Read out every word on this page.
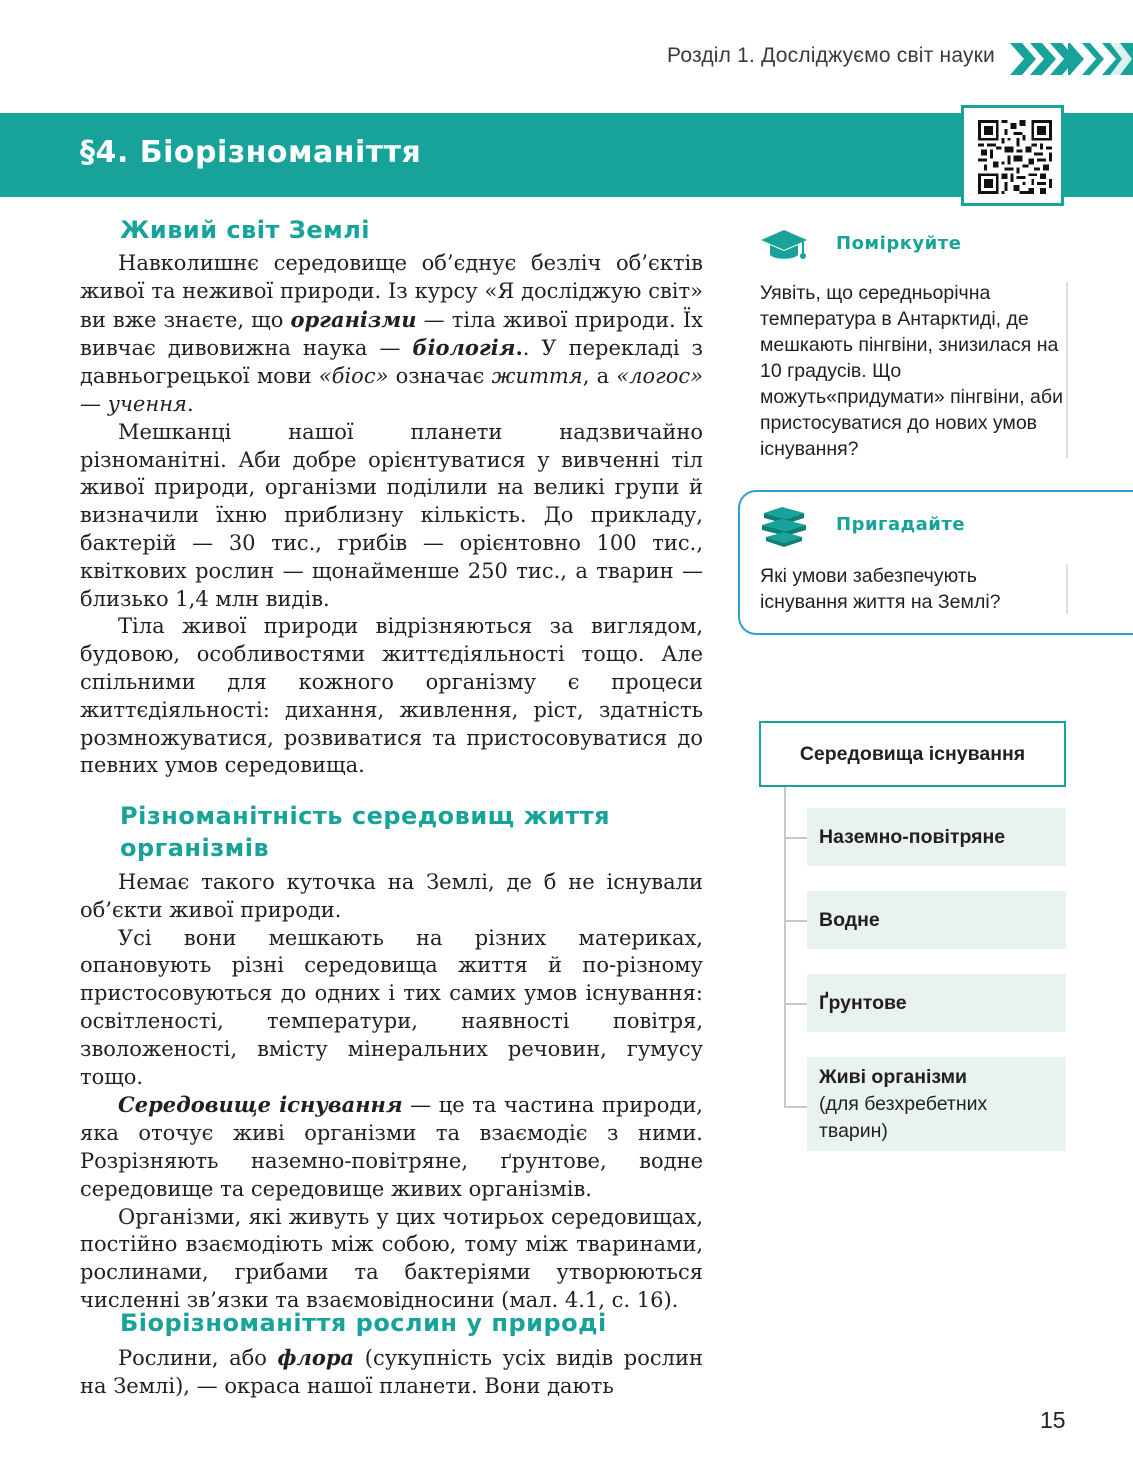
Розділ 1. Досліджуємо світ науки
§4. Біорізноманіття
Живий світ Землі

Навколишнє середовище об’єднує безліч об’єктів живої та неживої природи. Із курсу «Я досліджую світ» ви вже знаєте, що організми — тіла живої природи. Їх вивчає дивовижна наука — біологія.. У перекладі з давньогрецької мови «біос» означає життя, а «логос» — учення.

Мешканці нашої планети надзвичайно різноманітні. Аби добре орієнтуватися у вивченні тіл живої природи, організми поділили на великі групи й визначили їхню приблизну кількість. До прикладу, бактерій — 30 тис., грибів — орієнтовно 100 тис., квіткових рослин — щонайменше 250 тис., а тварин — близько 1,4 млн видів.

Тіла живої природи відрізняються за виглядом, будовою, особливостями життєдіяльності тощо. Але спільними для кожного організму є процеси життєдіяльності: дихання, живлення, ріст, здатність розмножуватися, розвиватися та пристосовуватися до певних умов середовища.

Різноманітність середовищ життя організмів

Немає такого куточка на Землі, де б не існували об’єкти живої природи.

Усі вони мешкають на різних материках, опановують різні середовища життя й по-різному пристосовуються до одних і тих самих умов існування: освітленості, температури, наявності повітря, зволоженості, вмісту мінеральних речовин, гумусу тощо.

Середовище існування — це та частина природи, яка оточує живі організми та взаємодіє з ними. Розрізняють наземно-повітряне, ґрунтове, водне середовище та середовище живих організмів.

Організми, які живуть у цих чотирьох середовищах, постійно взаємодіють між собою, тому між тваринами, рослинами, грибами та бактеріями утворюються численні зв’язки та взаємовідносини (мал. 4.1, с. 16).

Біорізноманіття рослин у природі

Рослини, або флора (сукупність усіх видів рослин на Землі), — окраса нашої планети. Вони дають

Поміркуйте
Уявіть, що середньорічна температура в Антарктиді, де мешкають пінгвіни, знизилася на 10 градусів. Що можуть«придумати» пінгвіни, аби пристосуватися до нових умов існування?
Пригадайте
Які умови забезпечують існування життя на Землі?
Середовища існування
Наземно-повітряне
Водне
Ґрунтове
Живі організми
(для безхребетних тварин)
15
